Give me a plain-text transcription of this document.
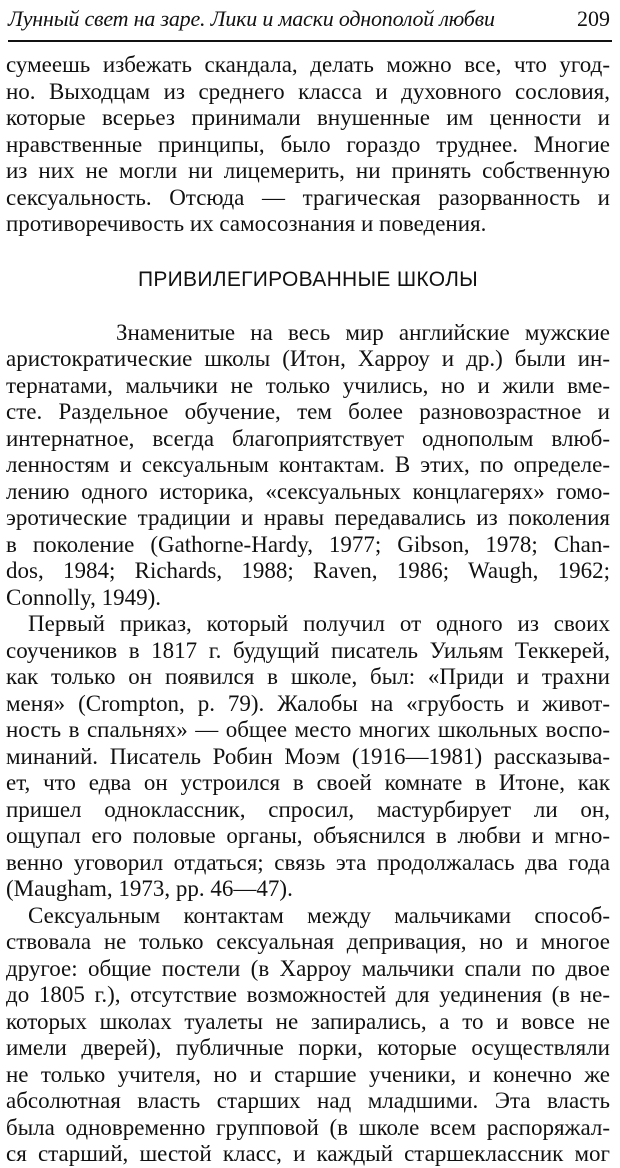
Лунный свет на заре. Лики и маски однополой любви	209
сумеешь избежать скандала, делать можно все, что угод-
но. Выходцам из среднего класса и духовного сословия,
которые всерьез принимали внушенные им ценности и
нравственные принципы, было гораздо труднее. Многие
из них не могли ни лицемерить, ни принять собственную
сексуальность. Отсюда — трагическая разорванность и
противоречивость их самосознания и поведения.
ПРИВИЛЕГИРОВАННЫЕ ШКОЛЫ
Знаменитые на весь мир английские мужские
аристократические школы (Итон, Харроу и др.) были ин-
тернатами, мальчики не только учились, но и жили вме-
сте. Раздельное обучение, тем более разновозрастное и
интернатное, всегда благоприятствует однополым влюб-
ленностям и сексуальным контактам. В этих, по определе-
лению одного историка, «сексуальных концлагерях» гомо-
эротические традиции и нравы передавались из поколения
в поколение (Gathorne-Hardy, 1977; Gibson, 1978; Chan-
dos, 1984; Richards, 1988; Raven, 1986; Waugh, 1962;
Connolly, 1949).
Первый приказ, который получил от одного из своих
соучеников в 1817 г. будущий писатель Уильям Теккерей,
как только он появился в школе, был: «Приди и трахни
меня» (Crompton, p. 79). Жалобы на «грубость и живот-
ность в спальнях» — общее место многих школьных воспо-
минаний. Писатель Робин Моэм (1916—1981) рассказыва-
ет, что едва он устроился в своей комнате в Итоне, как
пришел одноклассник, спросил, мастурбирует ли он,
ощупал его половые органы, объяснился в любви и мгно-
венно уговорил отдаться; связь эта продолжалась два года
(Maugham, 1973, pp. 46—47).
Сексуальным контактам между мальчиками способ-
ствовала не только сексуальная депривация, но и многое
другое: общие постели (в Харроу мальчики спали по двое
до 1805 г.), отсутствие возможностей для уединения (в не-
которых школах туалеты не запирались, а то и вовсе не
имели дверей), публичные порки, которые осуществляли
не только учителя, но и старшие ученики, и конечно же
абсолютная власть старших над младшими. Эта власть
была одновременно групповой (в школе всем распоряжал-
ся старший, шестой класс, и каждый старшеклассник мог
